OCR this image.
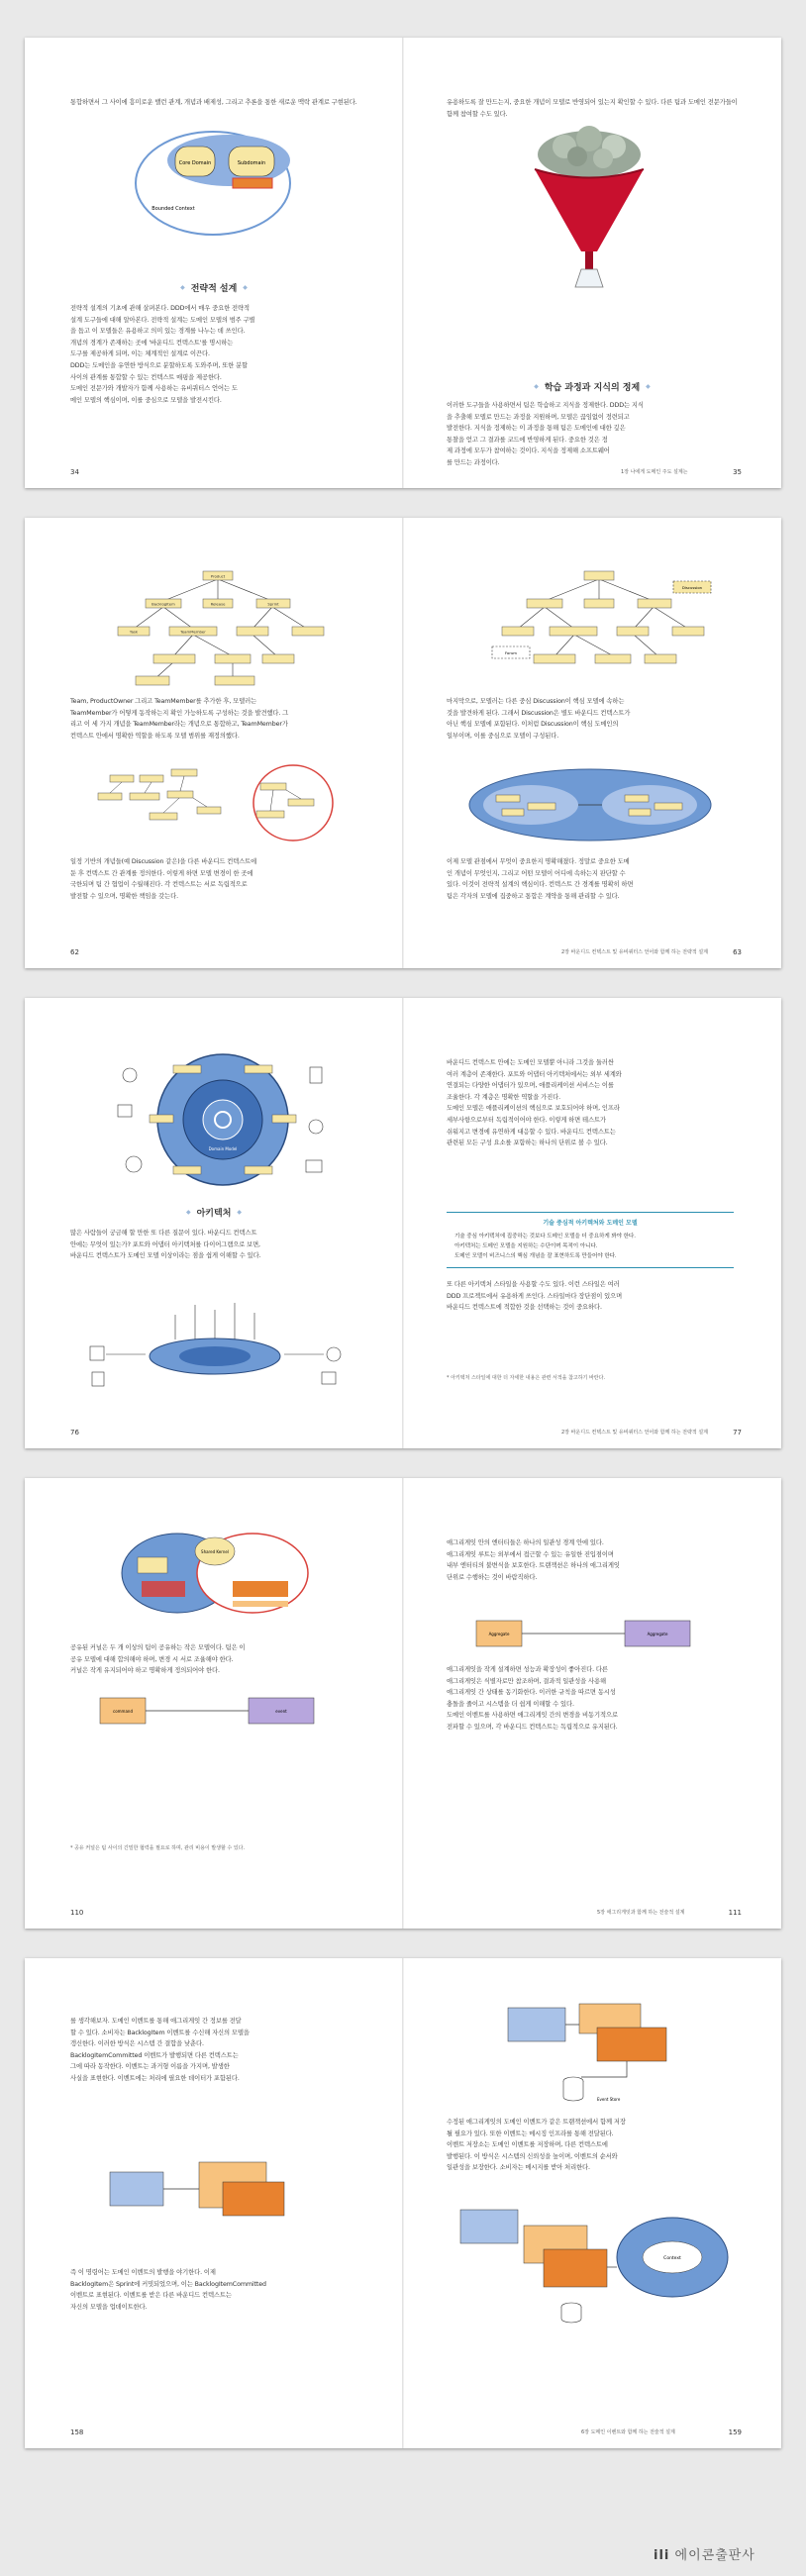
통합하면서 그 사이에 흥미로운 밸런 관계, 개념과 배제성, 그리고 추론을 통한 새로운 맥락 관계로 구현된다.
Core Domain	Subdomain
Bounded Context
◆ 전략적 설계 ◆
전략적 설계의 기초에 관해 살펴본다. DDD에서 매우 중요한 전략적
설계 도구들에 대해 알아본다. 전략적 설계는 도메인 모델의 범주 구별
을 돕고 이 모델들은 유용하고 의미 있는 경계를 나누는 데 쓰인다.
개념의 경계가 존재하는 곳에 '바운디드 컨텍스트'를 명시하는
도구를 제공하게 되며, 이는 체계적인 설계로 이끈다.
DDD는 도메인을 유연한 방식으로 분할하도록 도와주며, 또한 분할
사이의 관계를 통합할 수 있는 컨텍스트 매핑을 제공한다.
도메인 전문가와 개발자가 함께 사용하는 유비쿼터스 언어는 도
메인 모델의 핵심이며, 이를 중심으로 모델을 발전시킨다.
34
유용하도록 잘 만드는지, 중요한 개념이 모델로 반영되어 있는지 확인할 수 있다. 다른 팀과 도메인 전문가들이 함께 참여할 수도 있다.
◆ 학습 과정과 지식의 정제 ◆
이러한 도구들을 사용하면서 팀은 학습하고 지식을 정제한다. DDD는 지식
을 추출해 모델로 만드는 과정을 지원하며, 모델은 끊임없이 정련되고
발전한다. 지식을 정제하는 이 과정을 통해 팀은 도메인에 대한 깊은
통찰을 얻고 그 결과를 코드에 반영하게 된다. 중요한 것은 정
제 과정에 모두가 참여하는 것이다. 지식을 정제해 소프트웨어
를 만드는 과정이다.
1장 나에게 도메인 주도 설계는	35
Product
BacklogItem	Release	Sprint
Task	TeamMember
Team, ProductOwner 그리고 TeamMember를 추가한 후, 모델러는
TeamMember가 어떻게 동작하는지 확인 가능하도록 구성하는 것을 발견했다. 그
리고 이 세 가지 개념을 TeamMember라는 개념으로 통합하고, TeamMember가
컨텍스트 안에서 명확한 역할을 하도록 모델 범위를 재정의했다.
일정 기반의 개념들(예 Discussion 같은)을 다른 바운디드 컨텍스트에
둔 후 컨텍스트 간 관계를 정의한다. 이렇게 하면 모델 변경이 한 곳에
국한되며 팀 간 협업이 수월해진다. 각 컨텍스트는 서로 독립적으로
발전할 수 있으며, 명확한 책임을 갖는다.
62
Discussion
Forum
마지막으로, 모델러는 다른 중심 Discussion이 핵심 모델에 속하는
것을 발견하게 된다. 그래서 Discussion은 별도 바운디드 컨텍스트가
아닌 핵심 모델에 포함된다. 이처럼 Discussion이 핵심 도메인의
일부이며, 이를 중심으로 모델이 구성된다.
이제 모델 관점에서 무엇이 중요한지 명확해졌다. 정말로 중요한 도메
인 개념이 무엇인지, 그리고 어떤 모델이 어디에 속하는지 판단할 수
있다. 이것이 전략적 설계의 핵심이다. 컨텍스트 간 경계를 명확히 하면
팀은 각자의 모델에 집중하고 통합은 계약을 통해 관리할 수 있다.
2장 바운디드 컨텍스트 및 유비쿼터스 언어와 함께 하는 전략적 설계	63
Domain Model
◆ 아키텍처 ◆
많은 사람들이 궁금해 할 만한 또 다른 질문이 있다. 바운디드 컨텍스트
안에는 무엇이 있는가? 포트와 어댑터 아키텍처를 다이어그램으로 보면,
바운디드 컨텍스트가 도메인 모델 이상이라는 점을 쉽게 이해할 수 있다.
76
바운디드 컨텍스트 안에는 도메인 모델뿐 아니라 그것을 둘러싼
여러 계층이 존재한다. 포트와 어댑터 아키텍처에서는 외부 세계와
연결되는 다양한 어댑터가 있으며, 애플리케이션 서비스는 이를
조율한다. 각 계층은 명확한 역할을 가진다.
도메인 모델은 애플리케이션의 핵심으로 보호되어야 하며, 인프라
세부사항으로부터 독립적이어야 한다. 이렇게 하면 테스트가
쉬워지고 변경에 유연하게 대응할 수 있다. 바운디드 컨텍스트는
관련된 모든 구성 요소를 포함하는 하나의 단위로 볼 수 있다.
기술 중심적 아키텍처와 도메인 모델
기술 중심 아키텍처에 집중하는 것보다 도메인 모델을 더 중요하게 봐야 한다.
아키텍처는 도메인 모델을 지원하는 수단이며 목적이 아니다.
도메인 모델이 비즈니스의 핵심 개념을 잘 표현하도록 만들어야 한다.
또 다른 아키텍처 스타일을 사용할 수도 있다. 이런 스타일은 여러
DDD 프로젝트에서 유용하게 쓰인다. 스타일마다 장단점이 있으며
바운디드 컨텍스트에 적합한 것을 선택하는 것이 중요하다.
* 아키텍처 스타일에 대한 더 자세한 내용은 관련 서적을 참고하기 바란다.
2장 바운디드 컨텍스트 및 유비쿼터스 언어와 함께 하는 전략적 설계	77
Shared Kernel
공유된 커널은 두 개 이상의 팀이 공유하는 작은 모델이다. 팀은 이
공유 모델에 대해 합의해야 하며, 변경 시 서로 조율해야 한다.
커널은 작게 유지되어야 하고 명확하게 정의되어야 한다.
command	event
* 공유 커널은 팀 사이의 긴밀한 협력을 필요로 하며, 관리 비용이 발생할 수 있다.
110
애그리게잇 안의 엔터티들은 하나의 일관성 경계 안에 있다.
애그리게잇 루트는 외부에서 접근할 수 있는 유일한 진입점이며
내부 엔터티의 불변식을 보호한다. 트랜잭션은 하나의 애그리게잇
단위로 수행하는 것이 바람직하다.
Aggregate	Aggregate
애그리게잇을 작게 설계하면 성능과 확장성이 좋아진다. 다른
애그리게잇은 식별자로만 참조하며, 결과적 일관성을 사용해
애그리게잇 간 상태를 동기화한다. 이러한 규칙을 따르면 동시성
충돌을 줄이고 시스템을 더 쉽게 이해할 수 있다.
도메인 이벤트를 사용하면 애그리게잇 간의 변경을 비동기적으로
전파할 수 있으며, 각 바운디드 컨텍스트는 독립적으로 유지된다.
5장 애그리게잇과 함께 하는 전술적 설계	111
를 생각해보자. 도메인 이벤트를 통해 애그리게잇 간 정보를 전달
할 수 있다. 소비자는 BacklogItem 이벤트를 수신해 자신의 모델을
갱신한다. 이러한 방식은 시스템 간 결합을 낮춘다.
BacklogItemCommitted 이벤트가 발행되면 다른 컨텍스트는
그에 따라 동작한다. 이벤트는 과거형 이름을 가지며, 발생한
사실을 표현한다. 이벤트에는 처리에 필요한 데이터가 포함된다.
즉 이 명령어는 도메인 이벤트의 발행을 야기한다. 이제
BacklogItem은 Sprint에 커밋되었으며, 이는 BacklogItemCommitted
이벤트로 표현된다. 이벤트를 받은 다른 바운디드 컨텍스트는
자신의 모델을 업데이트한다.
158
Event Store
수정된 애그리게잇의 도메인 이벤트가 같은 트랜잭션에서 함께 저장
될 필요가 있다. 또한 이벤트는 메시징 인프라를 통해 전달된다.
이벤트 저장소는 도메인 이벤트를 저장하며, 다른 컨텍스트에
발행된다. 이 방식은 시스템의 신뢰성을 높이며, 이벤트의 순서와
일관성을 보장한다. 소비자는 메시지를 받아 처리한다.
Context
6장 도메인 이벤트와 함께 하는 전술적 설계	159
ili 에이콘출판사
